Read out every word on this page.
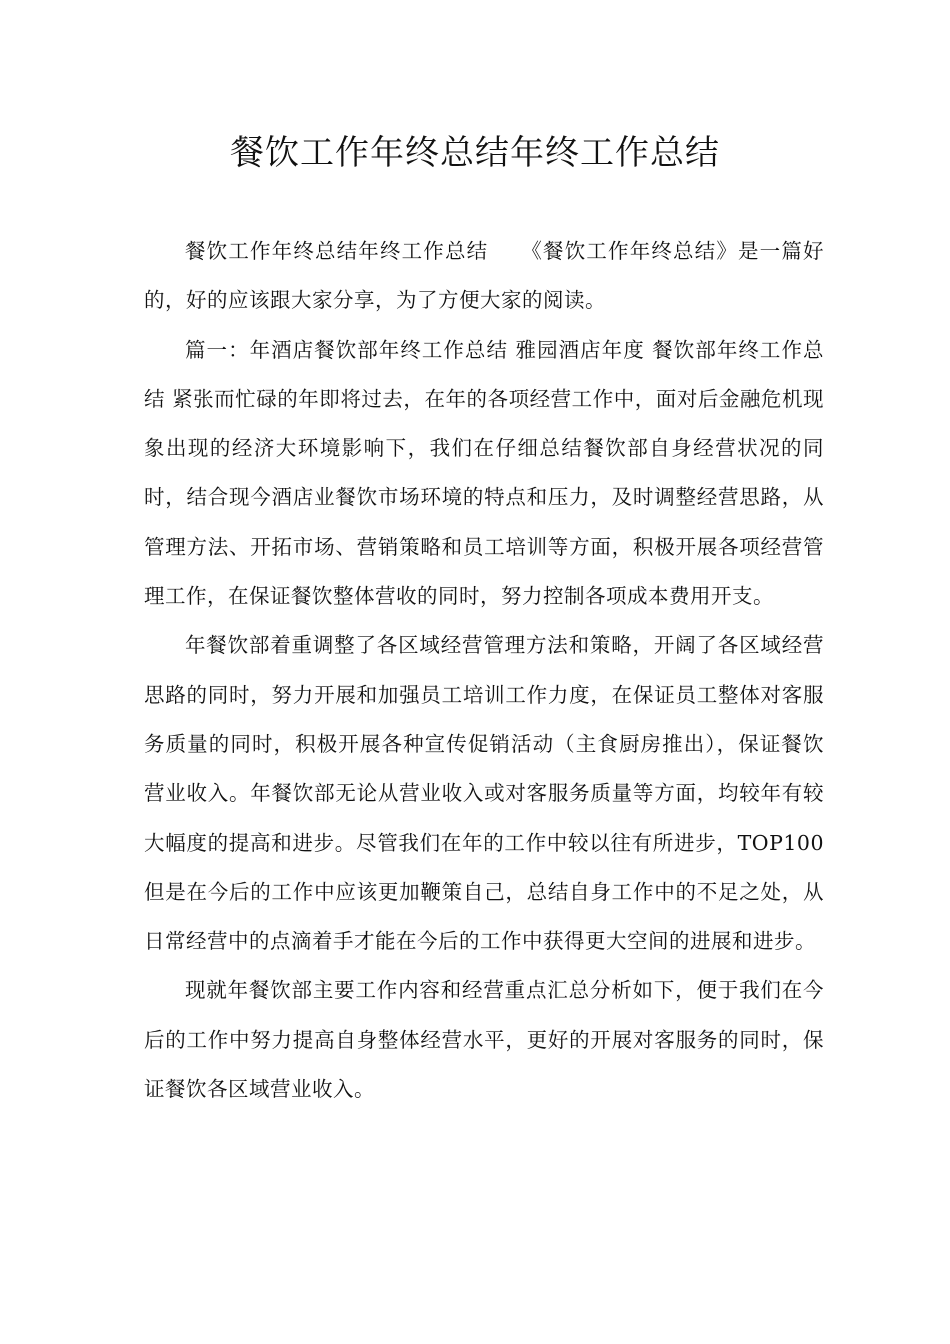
餐饮工作年终总结年终工作总结

餐饮工作年终总结年终工作总结　　《餐饮工作年终总结》是一篇好的，好的应该跟大家分享，为了方便大家的阅读。

篇一：年酒店餐饮部年终工作总结 雅园酒店年度 餐饮部年终工作总结 紧张而忙碌的年即将过去，在年的各项经营工作中，面对后金融危机现象出现的经济大环境影响下，我们在仔细总结餐饮部自身经营状况的同时，结合现今酒店业餐饮市场环境的特点和压力，及时调整经营思路，从管理方法、开拓市场、营销策略和员工培训等方面，积极开展各项经营管理工作，在保证餐饮整体营收的同时，努力控制各项成本费用开支。

年餐饮部着重调整了各区域经营管理方法和策略，开阔了各区域经营思路的同时，努力开展和加强员工培训工作力度，在保证员工整体对客服务质量的同时，积极开展各种宣传促销活动（主食厨房推出），保证餐饮营业收入。年餐饮部无论从营业收入或对客服务质量等方面，均较年有较大幅度的提高和进步。尽管我们在年的工作中较以往有所进步，TOP100 但是在今后的工作中应该更加鞭策自己，总结自身工作中的不足之处，从日常经营中的点滴着手才能在今后的工作中获得更大空间的进展和进步。

现就年餐饮部主要工作内容和经营重点汇总分析如下，便于我们在今后的工作中努力提高自身整体经营水平，更好的开展对客服务的同时，保证餐饮各区域营业收入。
